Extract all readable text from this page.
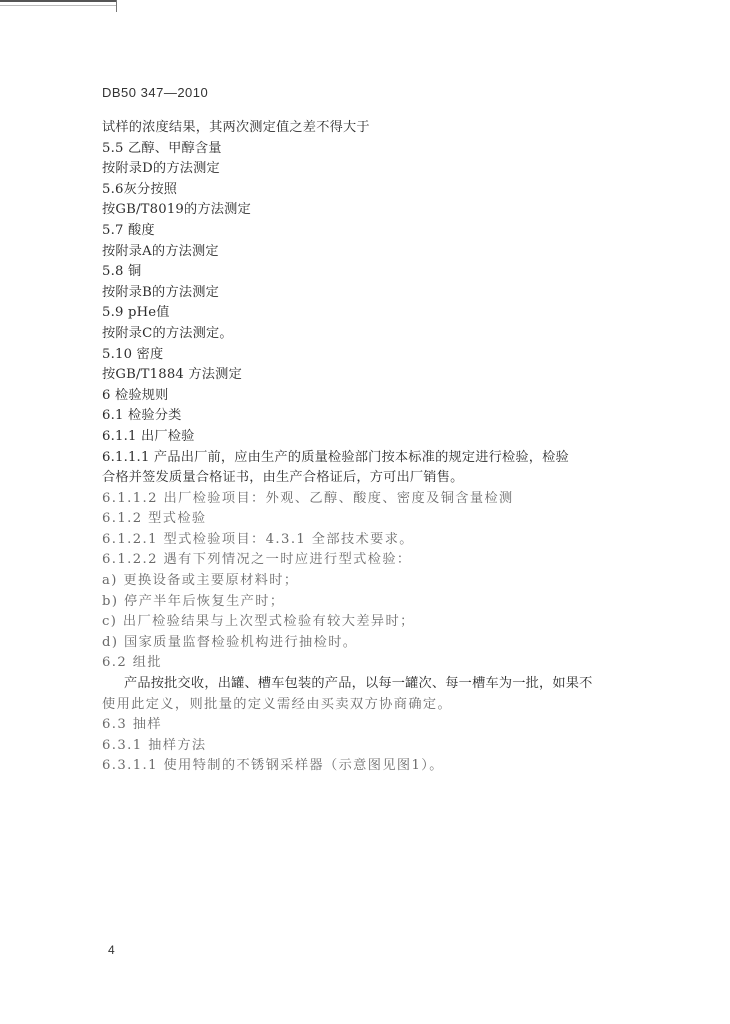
DB50 347—2010
试样的浓度结果，其两次测定值之差不得大于
5.5 乙醇、甲醇含量
按附录D的方法测定
5.6灰分按照
按GB/T8019的方法测定
5.7 酸度
按附录A的方法测定
5.8 铜
按附录B的方法测定
5.9 pHe值
按附录C的方法测定。
5.10 密度
按GB/T1884 方法测定
6 检验规则
6.1 检验分类
6.1.1 出厂检验
6.1.1.1 产品出厂前，应由生产的质量检验部门按本标准的规定进行检验，检验
合格并签发质量合格证书，由生产合格证后，方可出厂销售。
6.1.1.2 出厂检验项目：外观、乙醇、酸度、密度及铜含量检测
6.1.2 型式检验
6.1.2.1 型式检验项目：4.3.1 全部技术要求。
6.1.2.2 遇有下列情况之一时应进行型式检验：
a) 更换设备或主要原材料时；
b) 停产半年后恢复生产时；
c) 出厂检验结果与上次型式检验有较大差异时；
d) 国家质量监督检验机构进行抽检时。
6.2 组批
产品按批交收，出罐、槽车包装的产品，以每一罐次、每一槽车为一批，如果不
使用此定义，则批量的定义需经由买卖双方协商确定。
6.3 抽样
6.3.1 抽样方法
6.3.1.1 使用特制的不锈钢采样器（示意图见图1）。
4
